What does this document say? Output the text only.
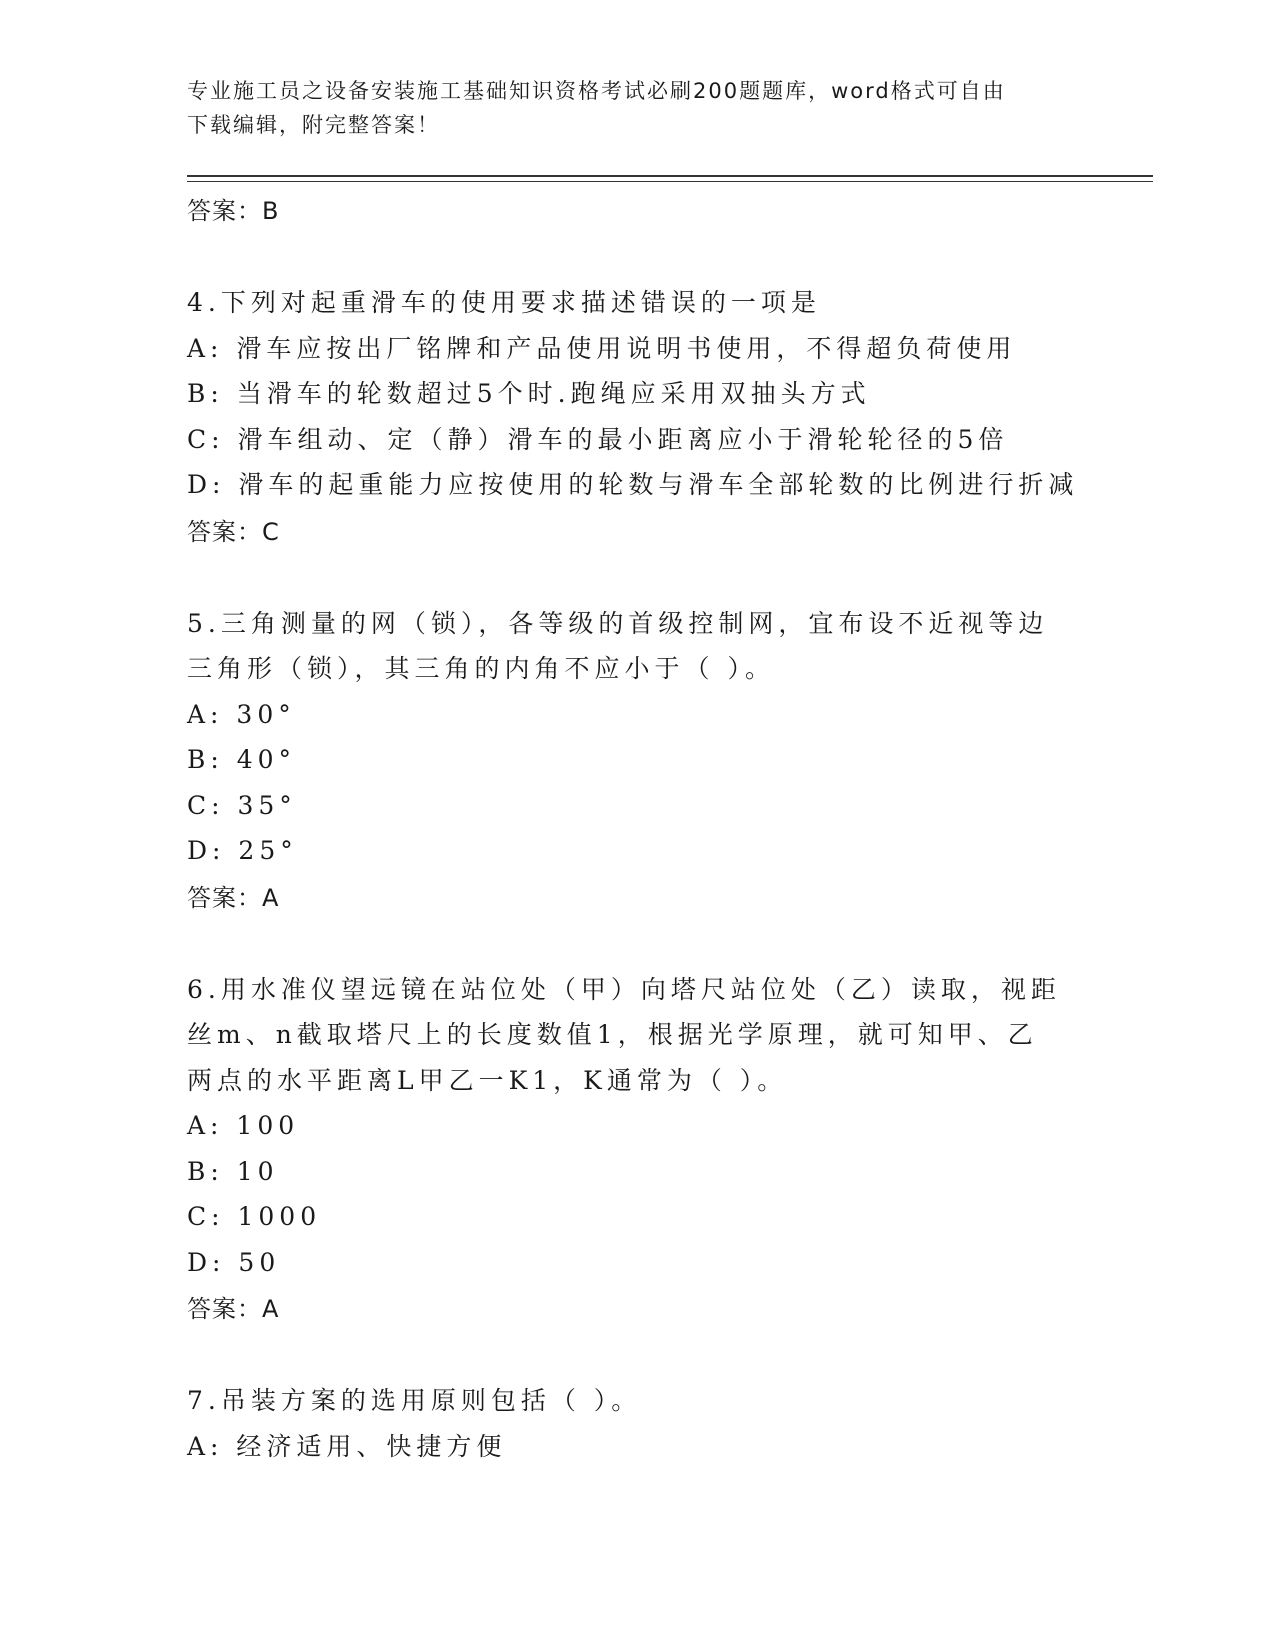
专业施工员之设备安装施工基础知识资格考试必刷200题题库，word格式可自由
下载编辑，附完整答案！
答案：B

4.下列对起重滑车的使用要求描述错误的一项是

A: 滑车应按出厂铭牌和产品使用说明书使用，不得超负荷使用

B: 当滑车的轮数超过5个时.跑绳应采用双抽头方式

C: 滑车组动、定（静）滑车的最小距离应小于滑轮轮径的5倍

D: 滑车的起重能力应按使用的轮数与滑车全部轮数的比例进行折减

答案：C

5.三角测量的网（锁），各等级的首级控制网，宜布设不近视等边三角形（锁），其三角的内角不应小于（ ）。

A: 30°

B: 40°

C: 35°

D: 25°

答案：A

6.用水准仪望远镜在站位处（甲）向塔尺站位处（乙）读取，视距丝m、n截取塔尺上的长度数值1，根据光学原理，就可知甲、乙两点的水平距离L甲乙一K1，K通常为（ ）。

A: 100

B: 10

C: 1000

D: 50

答案：A

7.吊装方案的选用原则包括（ ）。

A: 经济适用、快捷方便
